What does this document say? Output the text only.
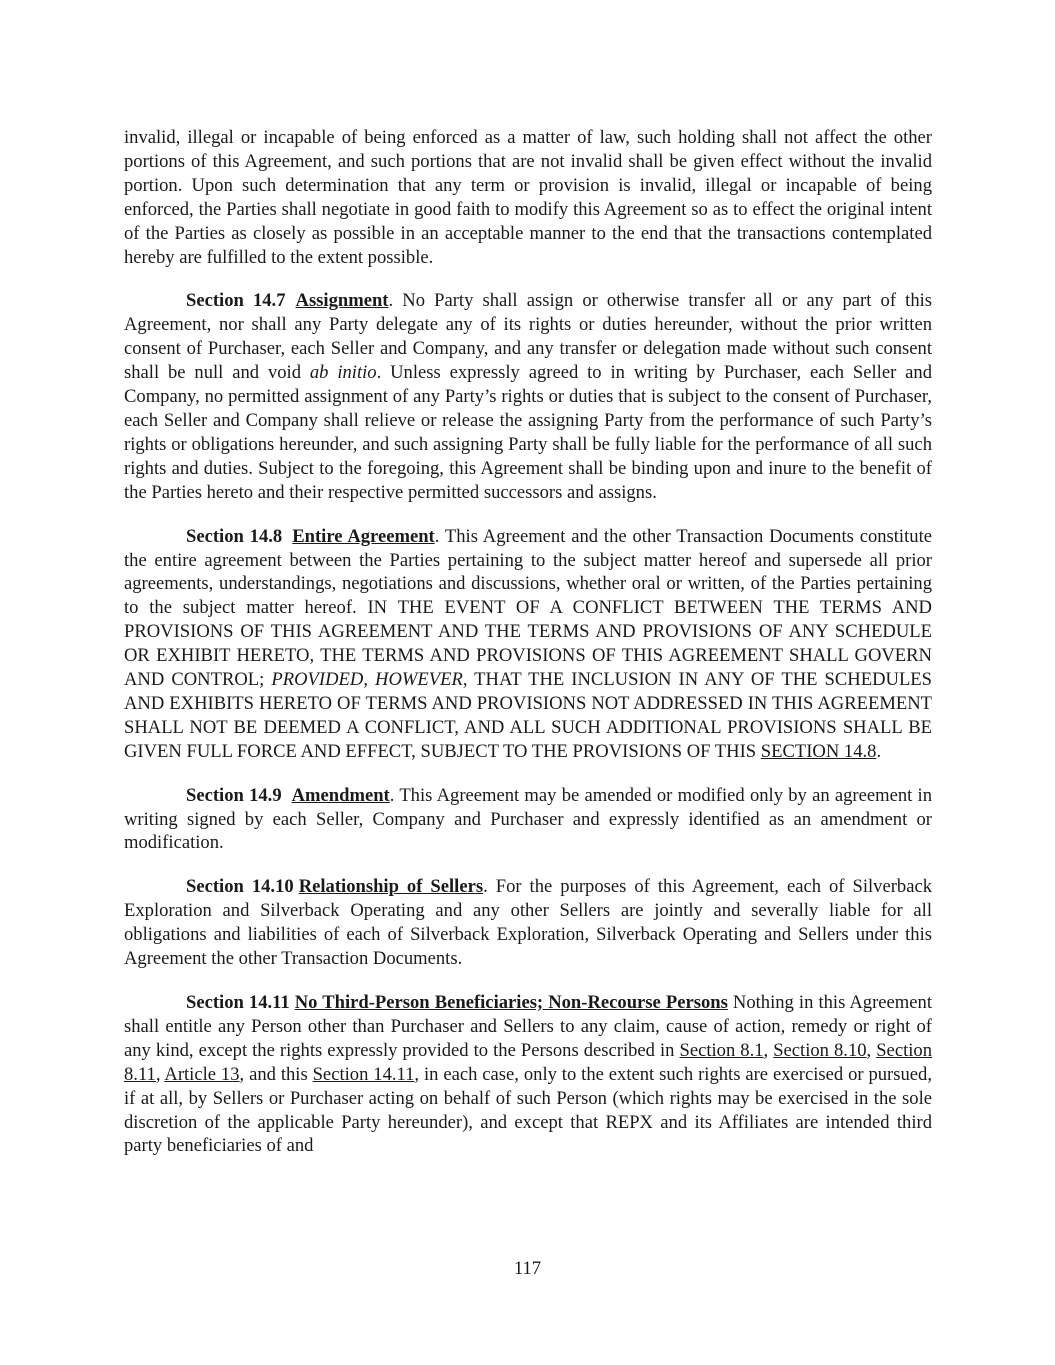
invalid, illegal or incapable of being enforced as a matter of law, such holding shall not affect the other portions of this Agreement, and such portions that are not invalid shall be given effect without the invalid portion. Upon such determination that any term or provision is invalid, illegal or incapable of being enforced, the Parties shall negotiate in good faith to modify this Agreement so as to effect the original intent of the Parties as closely as possible in an acceptable manner to the end that the transactions contemplated hereby are fulfilled to the extent possible.

Section 14.7 Assignment. No Party shall assign or otherwise transfer all or any part of this Agreement, nor shall any Party delegate any of its rights or duties hereunder, without the prior written consent of Purchaser, each Seller and Company, and any transfer or delegation made without such consent shall be null and void ab initio. Unless expressly agreed to in writing by Purchaser, each Seller and Company, no permitted assignment of any Party’s rights or duties that is subject to the consent of Purchaser, each Seller and Company shall relieve or release the assigning Party from the performance of such Party’s rights or obligations hereunder, and such assigning Party shall be fully liable for the performance of all such rights and duties. Subject to the foregoing, this Agreement shall be binding upon and inure to the benefit of the Parties hereto and their respective permitted successors and assigns.

Section 14.8 Entire Agreement. This Agreement and the other Transaction Documents constitute the entire agreement between the Parties pertaining to the subject matter hereof and supersede all prior agreements, understandings, negotiations and discussions, whether oral or written, of the Parties pertaining to the subject matter hereof. IN THE EVENT OF A CONFLICT BETWEEN THE TERMS AND PROVISIONS OF THIS AGREEMENT AND THE TERMS AND PROVISIONS OF ANY SCHEDULE OR EXHIBIT HERETO, THE TERMS AND PROVISIONS OF THIS AGREEMENT SHALL GOVERN AND CONTROL; PROVIDED, HOWEVER, THAT THE INCLUSION IN ANY OF THE SCHEDULES AND EXHIBITS HERETO OF TERMS AND PROVISIONS NOT ADDRESSED IN THIS AGREEMENT SHALL NOT BE DEEMED A CONFLICT, AND ALL SUCH ADDITIONAL PROVISIONS SHALL BE GIVEN FULL FORCE AND EFFECT, SUBJECT TO THE PROVISIONS OF THIS SECTION 14.8.

Section 14.9 Amendment. This Agreement may be amended or modified only by an agreement in writing signed by each Seller, Company and Purchaser and expressly identified as an amendment or modification.

Section 14.10 Relationship of Sellers. For the purposes of this Agreement, each of Silverback Exploration and Silverback Operating and any other Sellers are jointly and severally liable for all obligations and liabilities of each of Silverback Exploration, Silverback Operating and Sellers under this Agreement the other Transaction Documents.

Section 14.11 No Third-Person Beneficiaries; Non-Recourse Persons Nothing in this Agreement shall entitle any Person other than Purchaser and Sellers to any claim, cause of action, remedy or right of any kind, except the rights expressly provided to the Persons described in Section 8.1, Section 8.10, Section 8.11, Article 13, and this Section 14.11, in each case, only to the extent such rights are exercised or pursued, if at all, by Sellers or Purchaser acting on behalf of such Person (which rights may be exercised in the sole discretion of the applicable Party hereunder), and except that REPX and its Affiliates are intended third party beneficiaries of and

117
